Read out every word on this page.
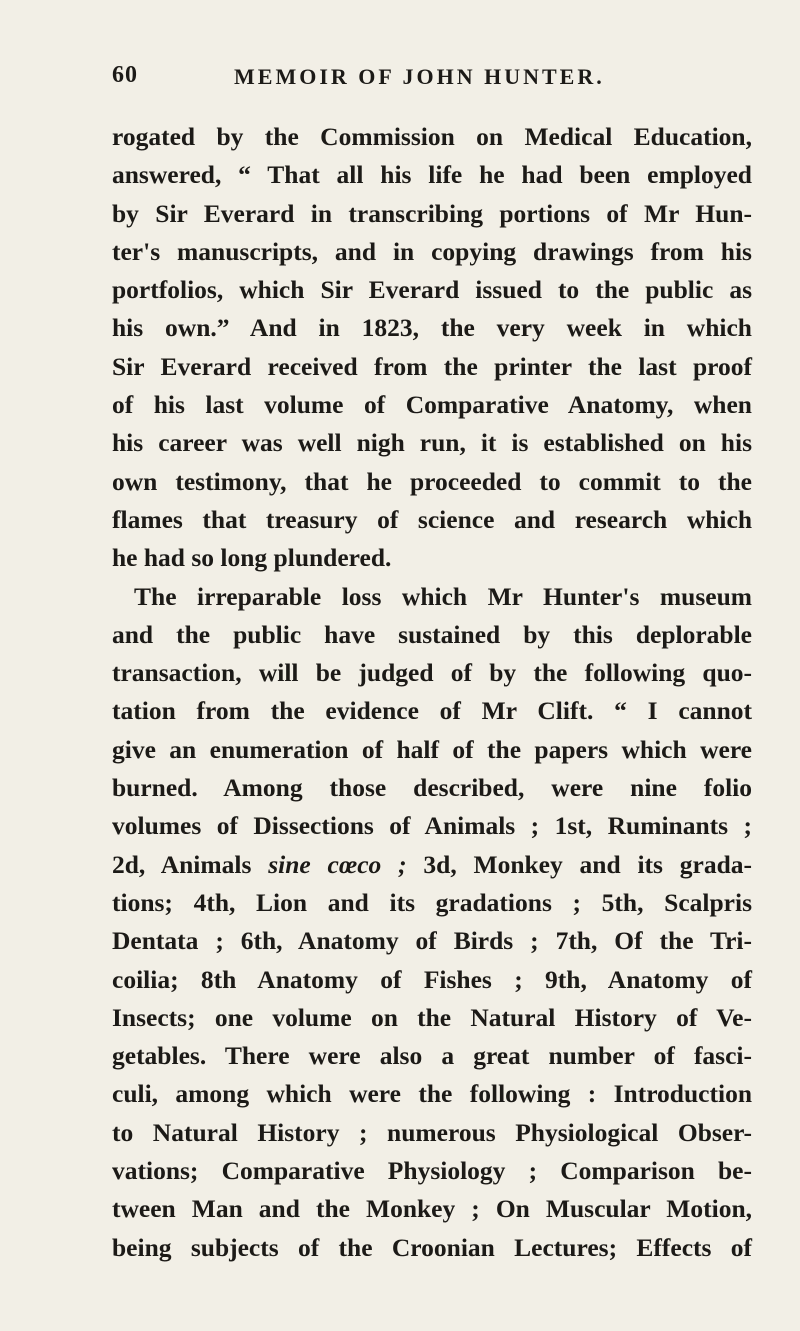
60	MEMOIR OF JOHN HUNTER.
rogated by the Commission on Medical Education,
answered, “ That all his life he had been employed
by Sir Everard in transcribing portions of Mr Hun-
ter's manuscripts, and in copying drawings from his
portfolios, which Sir Everard issued to the public as
his own.” And in 1823, the very week in which
Sir Everard received from the printer the last proof
of his last volume of Comparative Anatomy, when
his career was well nigh run, it is established on his
own testimony, that he proceeded to commit to the
flames that treasury of science and research which
he had so long plundered.
The irreparable loss which Mr Hunter's museum
and the public have sustained by this deplorable
transaction, will be judged of by the following quo-
tation from the evidence of Mr Clift. “ I cannot
give an enumeration of half of the papers which were
burned. Among those described, were nine folio
volumes of Dissections of Animals ; 1st, Ruminants ;
2d, Animals sine cœco ; 3d, Monkey and its grada-
tions; 4th, Lion and its gradations ; 5th, Scalpris
Dentata ; 6th, Anatomy of Birds ; 7th, Of the Tri-
coilia; 8th Anatomy of Fishes ; 9th, Anatomy of
Insects; one volume on the Natural History of Ve-
getables. There were also a great number of fasci-
culi, among which were the following : Introduction
to Natural History ; numerous Physiological Obser-
vations; Comparative Physiology ; Comparison be-
tween Man and the Monkey ; On Muscular Motion,
being subjects of the Croonian Lectures; Effects of
